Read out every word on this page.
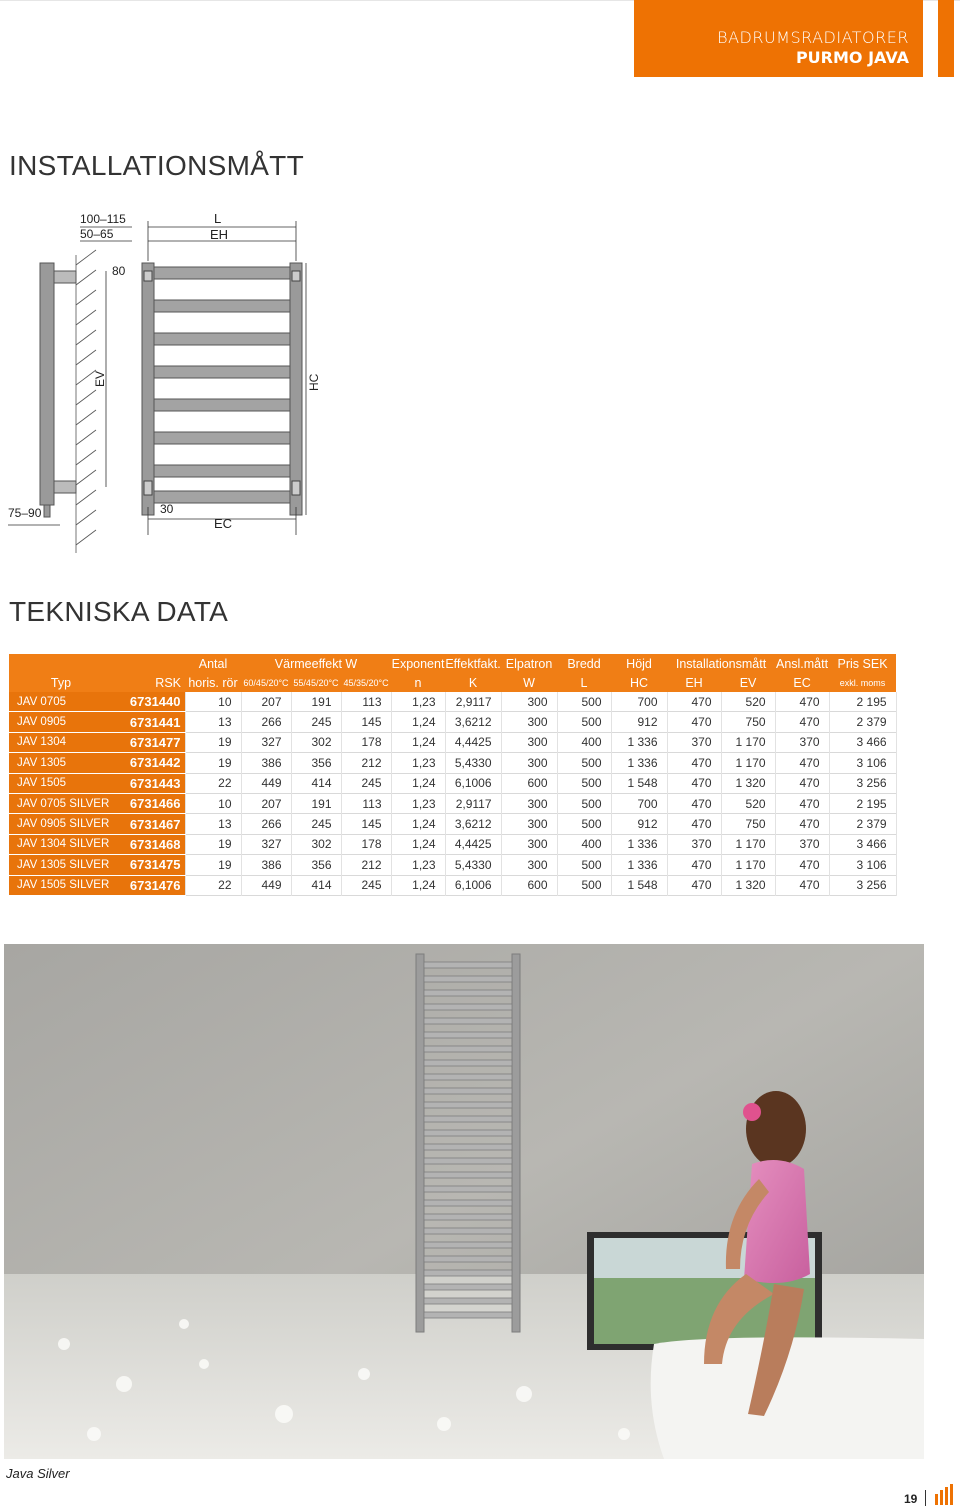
BADRUMSRADIATORER
PURMO JAVA
INSTALLATIONSMÅTT
100–115
50–65
L
EH
80
EV	HC
75–90	30
EC
TEKNISKA DATA
		Antal	Värmeeffekt W			Exponent	Effektfakt.	Elpatron	Bredd	Höjd	Installationsmått		Ansl.mått	Pris SEK
Typ	RSK	horis. rör	60/45/20°C	55/45/20°C	45/35/20°C	n	K	W	L	HC	EH	EV	EC	exkl. moms
JAV 0705	6731440	10	207	191	113	1,23	2,9117	300	500	700	470	520	470	2 195
JAV 0905	6731441	13	266	245	145	1,24	3,6212	300	500	912	470	750	470	2 379
JAV 1304	6731477	19	327	302	178	1,24	4,4425	300	400	1 336	370	1 170	370	3 466
JAV 1305	6731442	19	386	356	212	1,23	5,4330	300	500	1 336	470	1 170	470	3 106
JAV 1505	6731443	22	449	414	245	1,24	6,1006	600	500	1 548	470	1 320	470	3 256
JAV 0705 SILVER	6731466	10	207	191	113	1,23	2,9117	300	500	700	470	520	470	2 195
JAV 0905 SILVER	6731467	13	266	245	145	1,24	3,6212	300	500	912	470	750	470	2 379
JAV 1304 SILVER	6731468	19	327	302	178	1,24	4,4425	300	400	1 336	370	1 170	370	3 466
JAV 1305 SILVER	6731475	19	386	356	212	1,23	5,4330	300	500	1 336	470	1 170	470	3 106
JAV 1505 SILVER	6731476	22	449	414	245	1,24	6,1006	600	500	1 548	470	1 320	470	3 256
Java Silver
19
